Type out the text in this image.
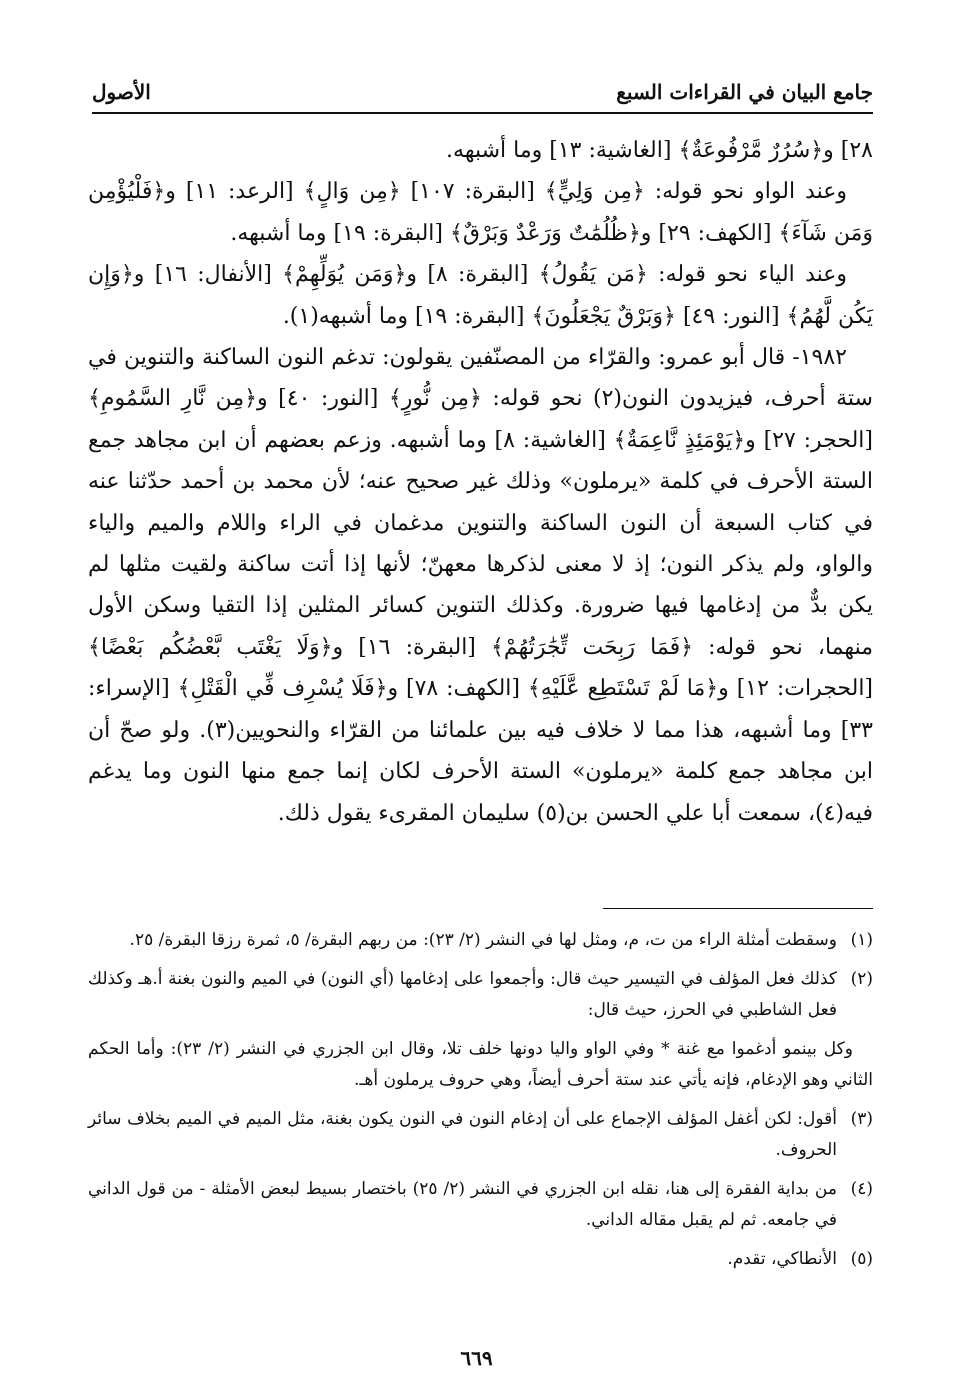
جامع البيان في القراءات السبع
الأصول

٢٨] و﴿سُرُرٌ مَّرْفُوعَةٌ﴾ [الغاشية: ١٣] وما أشبهه.

وعند الواو نحو قوله: ﴿مِن وَلِيٍّ﴾ [البقرة: ١٠٧] ﴿مِن وَالٍ﴾ [الرعد: ١١] و﴿فَلْيُؤْمِن وَمَن شَآءَ﴾ [الكهف: ٢٩] و﴿ظُلُمَٰتٌ وَرَعْدٌ وَبَرْقٌ﴾ [البقرة: ١٩] وما أشبهه.

وعند الياء نحو قوله: ﴿مَن يَقُولُ﴾ [البقرة: ٨] و﴿وَمَن يُوَلِّهِمْ﴾ [الأنفال: ١٦] و﴿وَإِن يَكُن لَّهُمُ﴾ [النور: ٤٩] ﴿وَبَرْقٌ يَجْعَلُونَ﴾ [البقرة: ١٩] وما أشبهه(١).

١٩٨٢- قال أبو عمرو: والقرّاء من المصنّفين يقولون: تدغم النون الساكنة والتنوين في ستة أحرف، فيزيدون النون(٢) نحو قوله: ﴿مِن نُّورٍ﴾ [النور: ٤٠] و﴿مِن نَّارِ السَّمُومِ﴾ [الحجر: ٢٧] و﴿يَوْمَئِذٍ نَّاعِمَةٌ﴾ [الغاشية: ٨] وما أشبهه. وزعم بعضهم أن ابن مجاهد جمع الستة الأحرف في كلمة «يرملون» وذلك غير صحيح عنه؛ لأن محمد بن أحمد حدّثنا عنه في كتاب السبعة أن النون الساكنة والتنوين مدغمان في الراء واللام والميم والياء والواو، ولم يذكر النون؛ إذ لا معنى لذكرها معهنّ؛ لأنها إذا أتت ساكنة ولقيت مثلها لم يكن بدٌّ من إدغامها فيها ضرورة. وكذلك التنوين كسائر المثلين إذا التقيا وسكن الأول منهما، نحو قوله: ﴿فَمَا رَبِحَت تِّجَٰرَتُهُمْ﴾ [البقرة: ١٦] و﴿وَلَا يَغْتَب بَّعْضُكُم بَعْضًا﴾ [الحجرات: ١٢] و﴿مَا لَمْ تَسْتَطِع عَّلَيْهِ﴾ [الكهف: ٧٨] و﴿فَلَا يُسْرِف فِّي الْقَتْلِ﴾ [الإسراء: ٣٣] وما أشبهه، هذا مما لا خلاف فيه بين علمائنا من القرّاء والنحويين(٣). ولو صحّ أن ابن مجاهد جمع كلمة «يرملون» الستة الأحرف لكان إنما جمع منها النون وما يدغم فيه(٤)، سمعت أبا علي الحسن بن(٥) سليمان المقرىء يقول ذلك.

(١)
وسقطت أمثلة الراء من ت، م، ومثل لها في النشر (٢/ ٢٣): من ربهم البقرة/ ٥، ثمرة رزقا البقرة/ ٢٥.
(٢)
كذلك فعل المؤلف في التيسير حيث قال: وأجمعوا على إدغامها (أي النون) في الميم والنون بغنة أ.هـ وكذلك فعل الشاطبي في الحرز، حيث قال:
وكل بينمو أدغموا مع غنة * وفي الواو واليا دونها خلف تلا، وقال ابن الجزري في النشر (٢/ ٢٣): وأما الحكم الثاني وهو الإدغام، فإنه يأتي عند ستة أحرف أيضاً، وهي حروف يرملون أهـ.
(٣)
أقول: لكن أغفل المؤلف الإجماع على أن إدغام النون في النون يكون بغنة، مثل الميم في الميم بخلاف سائر الحروف.
(٤)
من بداية الفقرة إلى هنا، نقله ابن الجزري في النشر (٢/ ٢٥) باختصار بسيط لبعض الأمثلة - من قول الداني في جامعه. ثم لم يقبل مقاله الداني.
(٥)
الأنطاكي، تقدم.
٦٦٩
